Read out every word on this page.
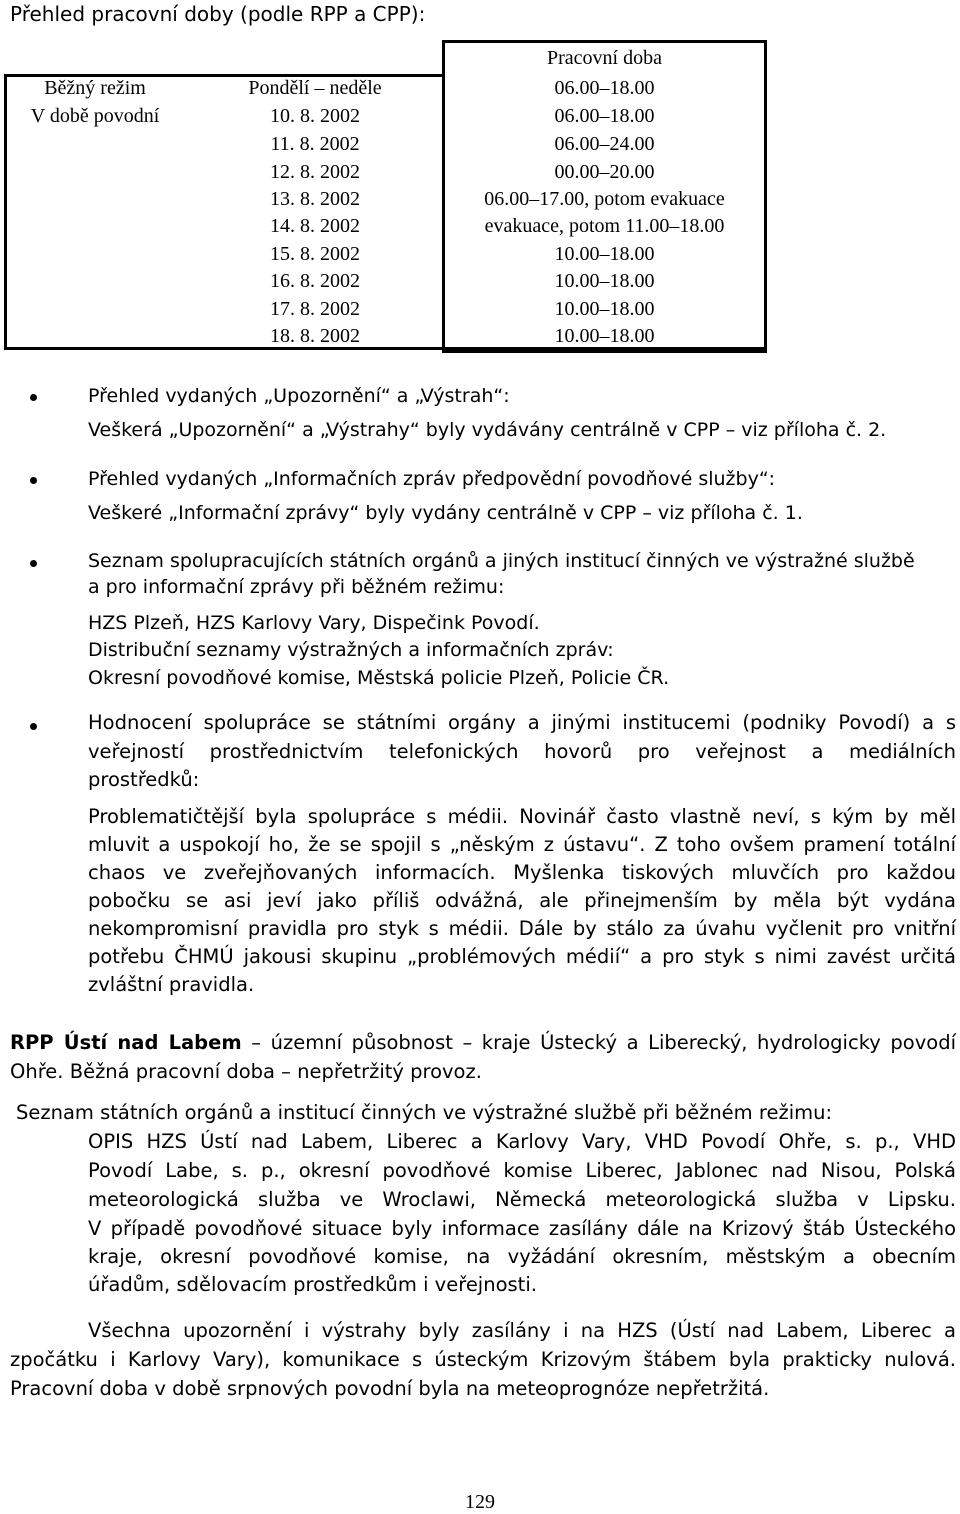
Přehled pracovní doby (podle RPP a CPP):
Pracovní doba
Běžný režim	Pondělí – neděle	06.00–18.00
V době povodní	10. 8. 2002	06.00–18.00
11. 8. 2002	06.00–24.00
12. 8. 2002	00.00–20.00
13. 8. 2002	06.00–17.00, potom evakuace
14. 8. 2002	evakuace, potom 11.00–18.00
15. 8. 2002	10.00–18.00
16. 8. 2002	10.00–18.00
17. 8. 2002	10.00–18.00
18. 8. 2002	10.00–18.00
Přehled vydaných „Upozornění“ a „Výstrah“:
Veškerá „Upozornění“ a „Výstrahy“ byly vydávány centrálně v CPP – viz příloha č. 2.
Přehled vydaných „Informačních zpráv předpovědní povodňové služby“:
Veškeré „Informační zprávy“ byly vydány centrálně v CPP – viz příloha č. 1.
Seznam spolupracujících státních orgánů a jiných institucí činných ve výstražné službě
a pro informační zprávy při běžném režimu:
HZS Plzeň, HZS Karlovy Vary, Dispečink Povodí.
Distribuční seznamy výstražných a informačních zpráv:
Okresní povodňové komise, Městská policie Plzeň, Policie ČR.
Hodnocení spolupráce se státními orgány a jinými institucemi (podniky Povodí) a s
veřejností prostřednictvím telefonických hovorů pro veřejnost a mediálních
prostředků:
Problematičtější byla spolupráce s médii. Novinář často vlastně neví, s kým by měl
mluvit a uspokojí ho, že se spojil s „něským z ústavu“. Z toho ovšem pramení totální
chaos ve zveřejňovaných informacích. Myšlenka tiskových mluvčích pro každou
pobočku se asi jeví jako příliš odvážná, ale přinejmenším by měla být vydána
nekompromisní pravidla pro styk s médii. Dále by stálo za úvahu vyčlenit pro vnitřní
potřebu ČHMÚ jakousi skupinu „problémových médií“ a pro styk s nimi zavést určitá
zvláštní pravidla.
RPP Ústí nad Labem – územní působnost – kraje Ústecký a Liberecký, hydrologicky povodí
Ohře. Běžná pracovní doba – nepřetržitý provoz.
Seznam státních orgánů a institucí činných ve výstražné službě při běžném režimu:
OPIS HZS Ústí nad Labem, Liberec a Karlovy Vary, VHD Povodí Ohře, s. p., VHD
Povodí Labe, s. p., okresní povodňové komise Liberec, Jablonec nad Nisou, Polská
meteorologická služba ve Wroclawi, Německá meteorologická služba v Lipsku.
V případě povodňové situace byly informace zasílány dále na Krizový štáb Ústeckého
kraje, okresní povodňové komise, na vyžádání okresním, městským a obecním
úřadům, sdělovacím prostředkům i veřejnosti.
Všechna upozornění i výstrahy byly zasílány i na HZS (Ústí nad Labem, Liberec a
zpočátku i Karlovy Vary), komunikace s ústeckým Krizovým štábem byla prakticky nulová.
Pracovní doba v době srpnových povodní byla na meteoprognóze nepřetržitá.
129
